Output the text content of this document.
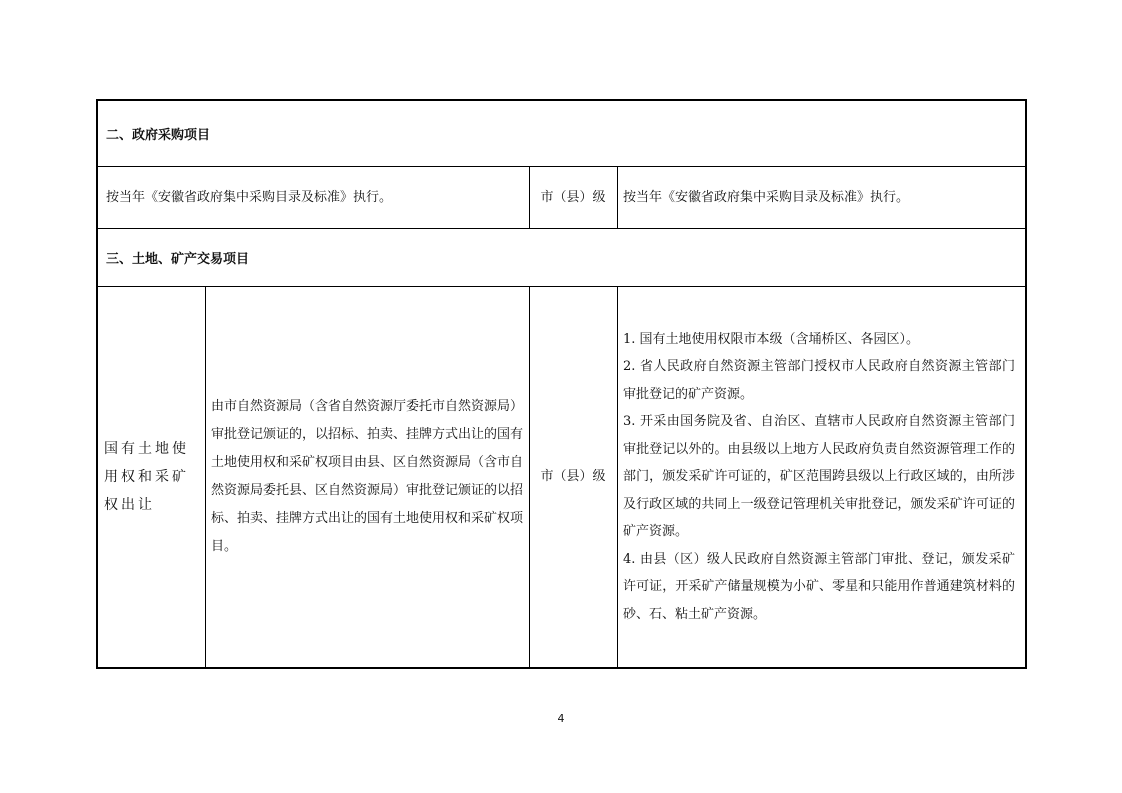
二、政府采购项目
按当年《安徽省政府集中采购目录及标准》执行。	市（县）级	按当年《安徽省政府集中采购目录及标准》执行。
三、土地、矿产交易项目
国有土地使用权和采矿权出让
由市自然资源局（含省自然资源厅委托市自然资源局）审批登记颁证的，以招标、拍卖、挂牌方式出让的国有土地使用权和采矿权项目由县、区自然资源局（含市自然资源局委托县、区自然资源局）审批登记颁证的以招标、拍卖、挂牌方式出让的国有土地使用权和采矿权项目。
市（县）级
1. 国有土地使用权限市本级（含埇桥区、各园区）。
2. 省人民政府自然资源主管部门授权市人民政府自然资源主管部门审批登记的矿产资源。
3. 开采由国务院及省、自治区、直辖市人民政府自然资源主管部门审批登记以外的。由县级以上地方人民政府负责自然资源管理工作的部门，颁发采矿许可证的，矿区范围跨县级以上行政区域的，由所涉及行政区域的共同上一级登记管理机关审批登记，颁发采矿许可证的矿产资源。
4. 由县（区）级人民政府自然资源主管部门审批、登记，颁发采矿许可证，开采矿产储量规模为小矿、零星和只能用作普通建筑材料的砂、石、粘土矿产资源。
4
